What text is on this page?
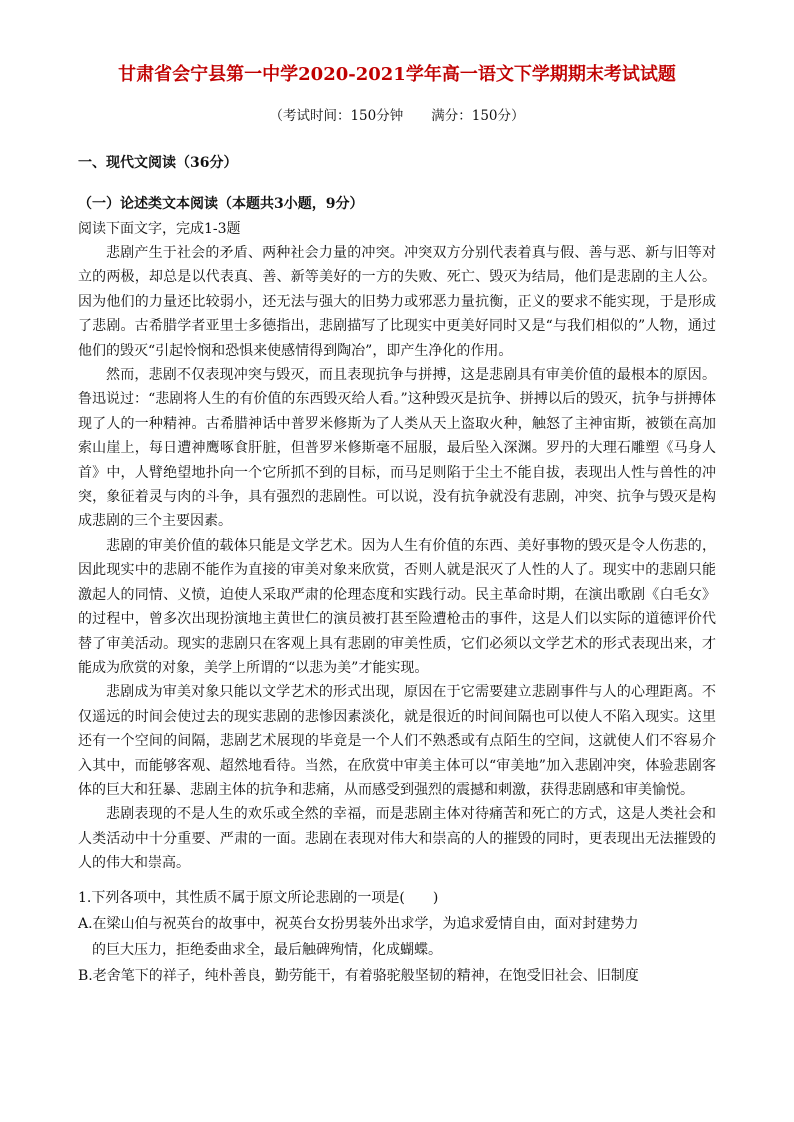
甘肃省会宁县第一中学2020-2021学年高一语文下学期期末考试试题
（考试时间：150分钟 满分：150分）
一、现代文阅读（36分）
（一）论述类文本阅读（本题共3小题，9分）

阅读下面文字，完成1-3题

悲剧产生于社会的矛盾、两种社会力量的冲突。冲突双方分别代表着真与假、善与恶、新与旧等对立的两极，却总是以代表真、善、新等美好的一方的失败、死亡、毁灭为结局，他们是悲剧的主人公。因为他们的力量还比较弱小，还无法与强大的旧势力或邪恶力量抗衡，正义的要求不能实现，于是形成了悲剧。古希腊学者亚里士多德指出，悲剧描写了比现实中更美好同时又是“与我们相似的”人物，通过他们的毁灭“引起怜悯和恐惧来使感情得到陶冶”，即产生净化的作用。

然而，悲剧不仅表现冲突与毁灭，而且表现抗争与拼搏，这是悲剧具有审美价值的最根本的原因。鲁迅说过：“悲剧将人生的有价值的东西毁灭给人看。”这种毁灭是抗争、拼搏以后的毁灭，抗争与拼搏体现了人的一种精神。古希腊神话中普罗米修斯为了人类从天上盗取火种，触怒了主神宙斯，被锁在高加索山崖上，每日遭神鹰啄食肝脏，但普罗米修斯毫不屈服，最后坠入深渊。罗丹的大理石雕塑《马身人首》中，人臂绝望地扑向一个它所抓不到的目标，而马足则陷于尘土不能自拔，表现出人性与兽性的冲突，象征着灵与肉的斗争，具有强烈的悲剧性。可以说，没有抗争就没有悲剧，冲突、抗争与毁灭是构成悲剧的三个主要因素。

悲剧的审美价值的载体只能是文学艺术。因为人生有价值的东西、美好事物的毁灭是令人伤悲的，因此现实中的悲剧不能作为直接的审美对象来欣赏，否则人就是泯灭了人性的人了。现实中的悲剧只能激起人的同情、义愤，迫使人采取严肃的伦理态度和实践行动。民主革命时期，在演出歌剧《白毛女》的过程中，曾多次出现扮演地主黄世仁的演员被打甚至险遭枪击的事件，这是人们以实际的道德评价代替了审美活动。现实的悲剧只在客观上具有悲剧的审美性质，它们必须以文学艺术的形式表现出来，才能成为欣赏的对象，美学上所谓的“以悲为美”才能实现。

悲剧成为审美对象只能以文学艺术的形式出现，原因在于它需要建立悲剧事件与人的心理距离。不仅遥远的时间会使过去的现实悲剧的悲惨因素淡化，就是很近的时间间隔也可以使人不陷入现实。这里还有一个空间的间隔，悲剧艺术展现的毕竟是一个人们不熟悉或有点陌生的空间，这就使人们不容易介入其中，而能够客观、超然地看待。当然，在欣赏中审美主体可以“审美地”加入悲剧冲突，体验悲剧客体的巨大和狂暴、悲剧主体的抗争和悲痛，从而感受到强烈的震撼和刺激，获得悲剧感和审美愉悦。

悲剧表现的不是人生的欢乐或全然的幸福，而是悲剧主体对待痛苦和死亡的方式，这是人类社会和人类活动中十分重要、严肃的一面。悲剧在表现对伟大和崇高的人的摧毁的同时，更表现出无法摧毁的人的伟大和崇高。

1.下列各项中，其性质不属于原文所论悲剧的一项是(　　)
A.在梁山伯与祝英台的故事中，祝英台女扮男装外出求学，为追求爱情自由，面对封建势力
的巨大压力，拒绝委曲求全，最后触碑殉情，化成蝴蝶。
B.老舍笔下的祥子，纯朴善良，勤劳能干，有着骆驼般坚韧的精神，在饱受旧社会、旧制度
